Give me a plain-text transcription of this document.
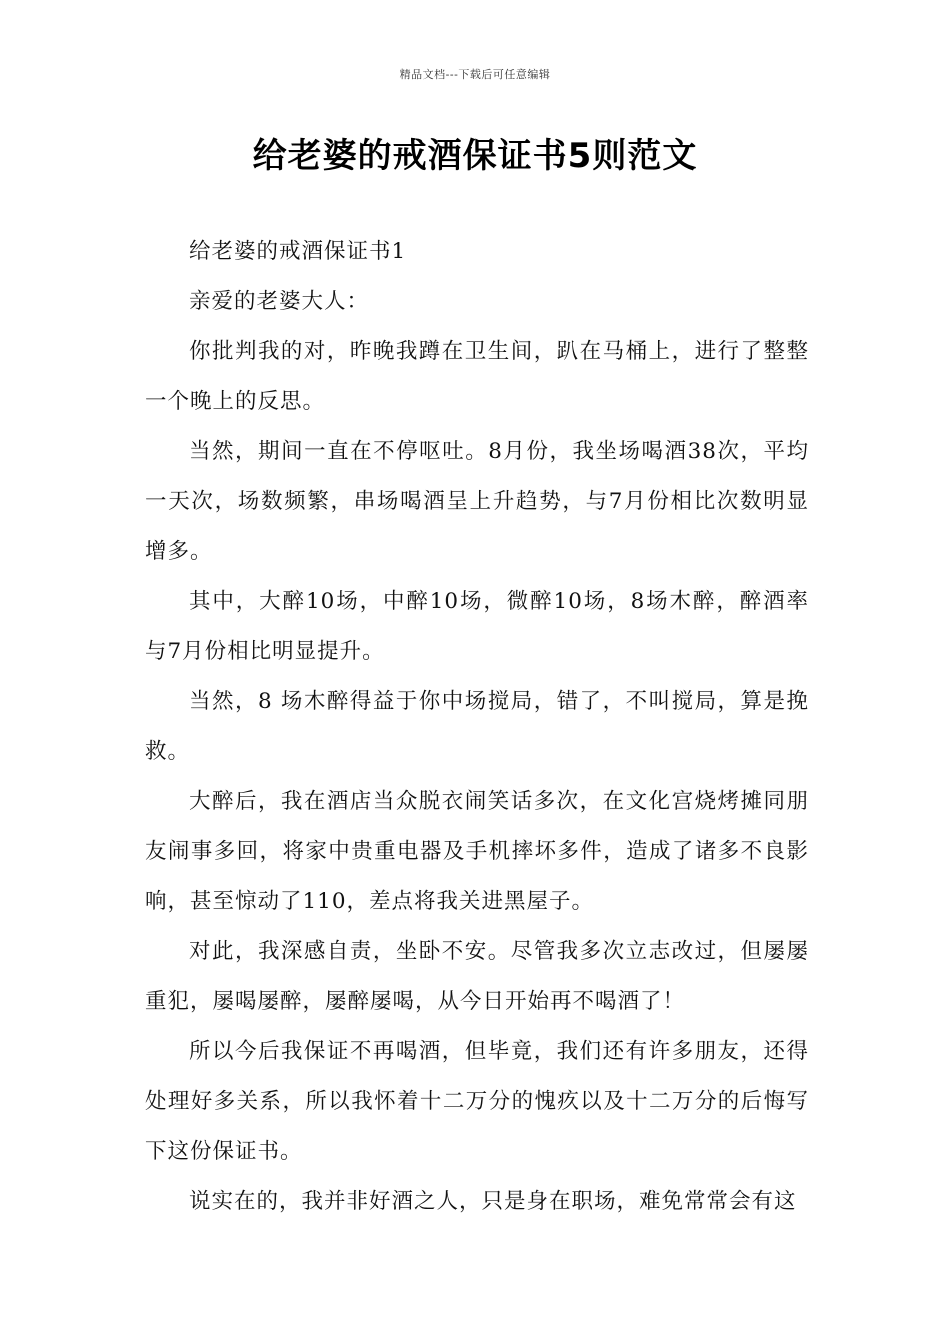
精品文档---下载后可任意编辑
给老婆的戒酒保证书5则范文

给老婆的戒酒保证书1

亲爱的老婆大人：

你批判我的对，昨晚我蹲在卫生间，趴在马桶上，进行了整整一个晚上的反思。

当然，期间一直在不停呕吐。8月份，我坐场喝酒38次，平均一天次，场数频繁，串场喝酒呈上升趋势，与7月份相比次数明显增多。

其中，大醉10场，中醉10场，微醉10场，8场木醉，醉酒率与7月份相比明显提升。

当然，8 场木醉得益于你中场搅局，错了，不叫搅局，算是挽救。

大醉后，我在酒店当众脱衣闹笑话多次，在文化宫烧烤摊同朋友闹事多回，将家中贵重电器及手机摔坏多件，造成了诸多不良影响，甚至惊动了110，差点将我关进黑屋子。

对此，我深感自责，坐卧不安。尽管我多次立志改过，但屡屡重犯，屡喝屡醉，屡醉屡喝，从今日开始再不喝酒了！

所以今后我保证不再喝酒，但毕竟，我们还有许多朋友，还得处理好多关系，所以我怀着十二万分的愧疚以及十二万分的后悔写下这份保证书。

说实在的，我并非好酒之人，只是身在职场，难免常常会有这
